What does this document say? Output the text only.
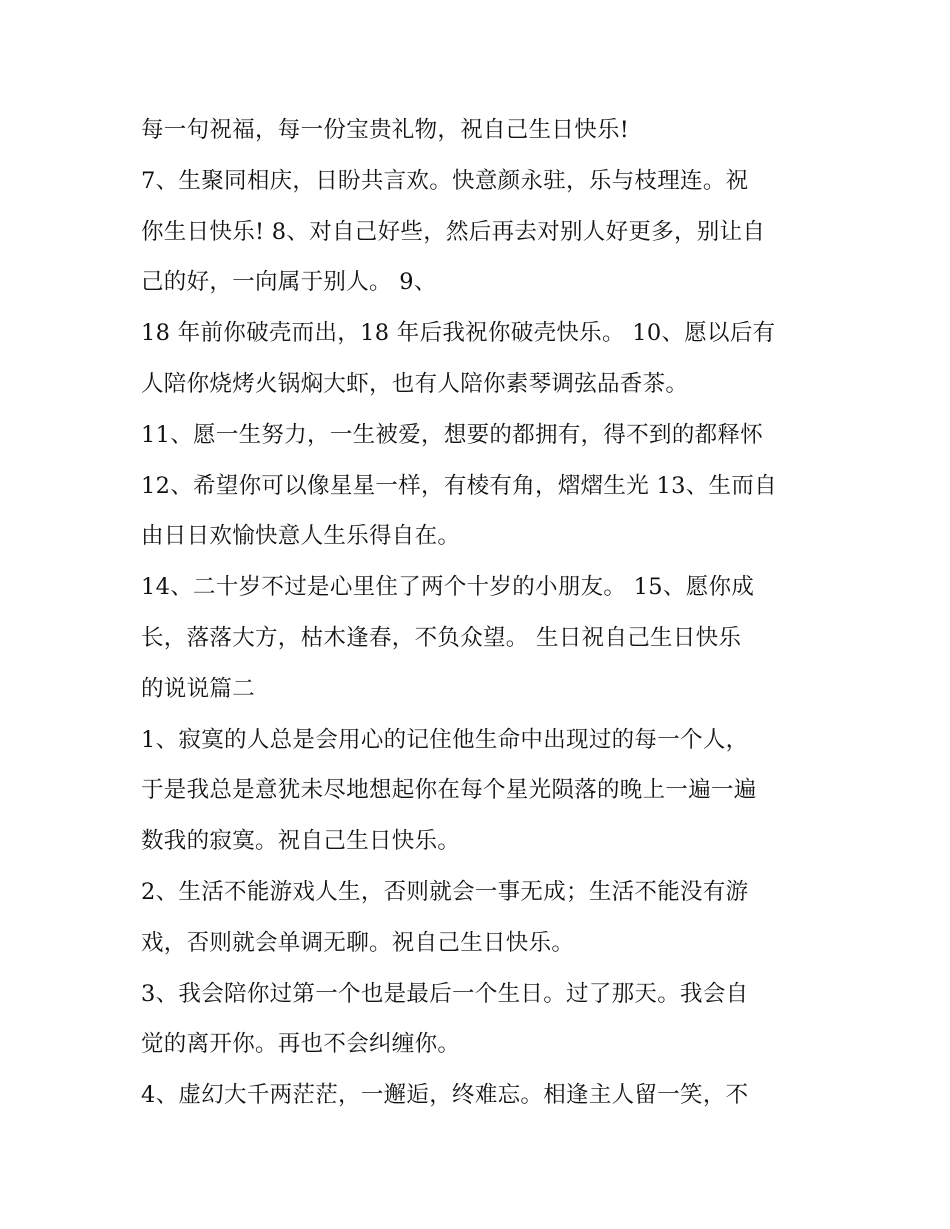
每一句祝福，每一份宝贵礼物，祝自己生日快乐!
7、生聚同相庆，日盼共言欢。快意颜永驻，乐与枝理连。祝
你生日快乐! 8、对自己好些，然后再去对别人好更多，别让自
己的好，一向属于别人。 9、
18 年前你破壳而出，18 年后我祝你破壳快乐。 10、愿以后有
人陪你烧烤火锅焖大虾，也有人陪你素琴调弦品香茶。
11、愿一生努力，一生被爱，想要的都拥有，得不到的都释怀
12、希望你可以像星星一样，有棱有角，熠熠生光 13、生而自
由日日欢愉快意人生乐得自在。
14、二十岁不过是心里住了两个十岁的小朋友。 15、愿你成
长，落落大方，枯木逢春，不负众望。 生日祝自己生日快乐
的说说篇二
1、寂寞的人总是会用心的记住他生命中出现过的每一个人，
于是我总是意犹未尽地想起你在每个星光陨落的晚上一遍一遍
数我的寂寞。祝自己生日快乐。
2、生活不能游戏人生，否则就会一事无成；生活不能没有游
戏，否则就会单调无聊。祝自己生日快乐。
3、我会陪你过第一个也是最后一个生日。过了那天。我会自
觉的离开你。再也不会纠缠你。
4、虚幻大千两茫茫，一邂逅，终难忘。相逢主人留一笑，不
